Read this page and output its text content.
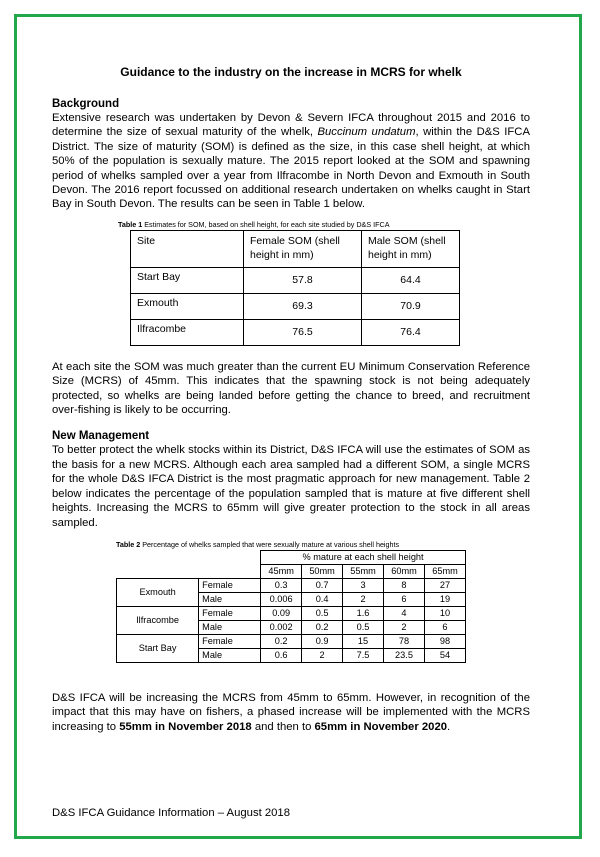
Guidance to the industry on the increase in MCRS for whelk
Background

Extensive research was undertaken by Devon & Severn IFCA throughout 2015 and 2016 to determine the size of sexual maturity of the whelk, Buccinum undatum, within the D&S IFCA District. The size of maturity (SOM) is defined as the size, in this case shell height, at which 50% of the population is sexually mature. The 2015 report looked at the SOM and spawning period of whelks sampled over a year from Ilfracombe in North Devon and Exmouth in South Devon. The 2016 report focussed on additional research undertaken on whelks caught in Start Bay in South Devon. The results can be seen in Table 1 below.

Table 1 Estimates for SOM, based on shell height, for each site studied by D&S IFCA
Site	Female SOM (shell height in mm)	Male SOM (shell height in mm)
Start Bay	57.8	64.4
Exmouth	69.3	70.9
Ilfracombe	76.5	76.4

At each site the SOM was much greater than the current EU Minimum Conservation Reference Size (MCRS) of 45mm. This indicates that the spawning stock is not being adequately protected, so whelks are being landed before getting the chance to breed, and recruitment over-fishing is likely to be occurring.

New Management

To better protect the whelk stocks within its District, D&S IFCA will use the estimates of SOM as the basis for a new MCRS. Although each area sampled had a different SOM, a single MCRS for the whole D&S IFCA District is the most pragmatic approach for new management. Table 2 below indicates the percentage of the population sampled that is mature at five different shell heights. Increasing the MCRS to 65mm will give greater protection to the stock in all areas sampled.

Table 2 Percentage of whelks sampled that were sexually mature at various shell heights
		% mature at each shell height				
		45mm	50mm	55mm	60mm	65mm
Exmouth	Female	0.3	0.7	3	8	27
	Male	0.006	0.4	2	6	19
Ilfracombe	Female	0.09	0.5	1.6	4	10
	Male	0.002	0.2	0.5	2	6
Start Bay	Female	0.2	0.9	15	78	98
	Male	0.6	2	7.5	23.5	54

D&S IFCA will be increasing the MCRS from 45mm to 65mm. However, in recognition of the impact that this may have on fishers, a phased increase will be implemented with the MCRS increasing to 55mm in November 2018 and then to 65mm in November 2020.

D&S IFCA Guidance Information – August 2018
